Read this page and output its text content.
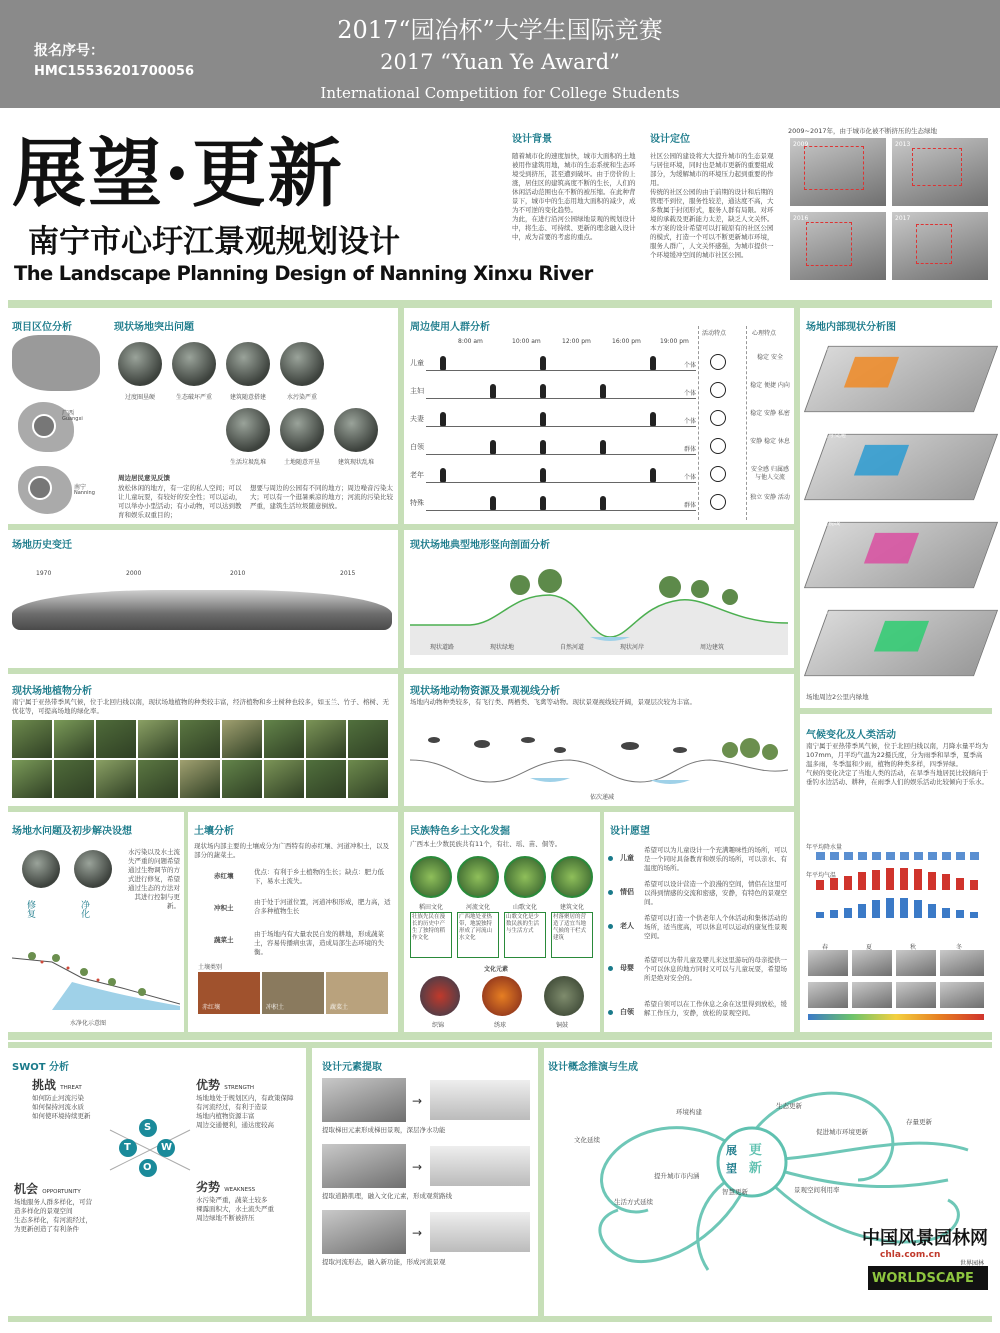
报名序号：
HMC15536201700056
2017“园冶杯”大学生国际竞赛
2017 “Yuan Ye Award”
International Competition for College Students
展望·更新
南宁市心圩江景观规划设计
The Landscape Planning Design of Nanning Xinxu River
设计背景
随着城市化的速度加快，城市大面积的土地被用作建筑用地，城市的生态系统和生态环境受到挤压，甚至遭到破坏。由于房价的上涨，居住区的建筑高度不断的生长，人们的休闲活动范围也在不断的被压缩。在此种背景下，城市中的生态用地大面积的减少，成为不可逆的变化趋势。
为此，在进行沿河公园绿地景观的规划设计中，将生态、可持续、更新的理念融入设计中，成为首要的考虑的重点。
设计定位
社区公园的建设将大大提升城市的生态景观与居住环境，同时也是城市更新的重要组成部分，为缓解城市的环境压力起到重要的作用。
传统的社区公园的由于前期的设计和后期的管理不到位，服务性较差，通达度不高，大多数属于封闭形式，服务人群有局限。对环境的承载及更新能力太差，缺乏人文关怀。本方案的设计希望可以打破原有的社区公园的模式，打造一个可以不断更新城市环境，服务人群广，人文关怀感强，为城市提供一个环境缓冲空间的城市社区公园。
2009~2017年，由于城市化被不断挤压的生态绿地
2009	2013
2016	2017
项目区位分析
广西
Guangxi
南宁
Nanning
现状场地突出问题
过度圈垦硬	生态破坏严重	建筑随意搭建	水污染严重
生活垃圾乱堆	土地随意开垦	建筑现状乱堆
周边居民意见反馈
放松休闲的地方，有一定的私人空间；可以让儿童玩耍，有较好的安全性；可以运动，可以举办小型活动；有小动物，可以达到教育和娱乐双重目的；
想要与周边的公园有不同的地方；周边噪音污染太大；可以有一个逛暑乘凉的地方；河流的污染比较严重，建筑生活垃圾随意倒放。
周边使用人群分析
8:00 am	10:00 am	12:00 pm	16:00 pm	19:00 pm
活动特点	心理特点
儿童	个体
稳定 安全
主妇	个体
稳定 便捷 内向
夫妻	个体
稳定 安静 私密
白领	群体
安静 稳定 休息
老年	个体
安全感 归属感 与他人交流
特殊	群体
独立 安静 活动
场地内部现状分析图
建筑
河流与交通
景观视线
绿地
场地周边2公里内绿地
场地历史变迁
1970	2000	2010	2015
现状场地典型地形竖向剖面分析
现状道路	现状绿地	自然河道	现状河岸	周边建筑
现状场地植物分析
南宁属于亚热带季风气候，位于北回归线以南，现状场地植物的种类较丰富，经济植物和乡土树种也较多，如玉兰、竹子、榕树、无忧花等，可提高场地的绿化率。
现状场地动物资源及景观视线分析
场地内动物种类较多，有飞行类、两栖类、飞禽等动物。现状景观视线较开阔，景观层次较为丰富。
依次递减
气候变化及人类活动
南宁属于亚热带季风气候，位于北回归线以南，月降水量平均为107mm，月平均气温为22摄氏度，分为雨季和旱季，夏季高温多雨，冬季温和少雨，植物的种类多样，四季异绿。
气候的变化决定了当地人类的活动，在旱季当地居民比较倾向于垂钓水边活动、耕种，在雨季人们的娱乐活动比较倾向于乐水。
年平均降水量
年平均气温
春	夏	秋	冬
场地水问题及初步解决设想
修复	净化
水污染以及水土流失严重的问题希望通过生物调节的方式进行修复，希望通过生态的方法对其进行控制与更新。
水净化示意图
土壤分析
现状场内部主要的土壤成分为广西特有的赤红壤、河道冲积土，以及部分的蔬菜土。
赤红壤	优点：有利于乡土植物的生长；缺点：肥力低下，易水土流失。
冲积土
由于处于河道位置，河道冲积形成，肥力高，适合多种植物生长
蔬菜土
由于场地内有大量农民自发的耕地，形成蔬菜土，容易传播病虫害，造成局部生态环境的失衡。
土壤类别
赤红壤	冲积土	蔬菜土
民族特色乡土文化发掘
广西本土少数民族共有11个，有壮、瑶、苗、侗等。
稻田文化
壮族先民在漫长的历史中产生了独特的稻作文化
河流文化
广西地处亚热带，地貌独特形成了河流山水文化
山歌文化
山歌文化是少数民族的生活与生活方式
建筑文化
村落聚居的营造了适宜当地气候的干栏式建筑
文化元素
织锦	绣球	铜鼓
设计愿望
儿童
希望可以为儿童设计一个充满趣味性的场所，可以是一个同时具备教育和娱乐的场所，可以亲水、有温度的场所。
情侣
希望可以设计营造一个浪漫的空间，情侣在这里可以得到情感的交流和密感，安静，有特色的景观空间。
老人
希望可以打造一个供老年人个休活动和集体活动的场所，适当度高，可以休息可以运动的康复性景观空间。
母婴
希望可以为带儿童及婴儿来这里游玩的母亲提供一个可以休息的地方同时又可以与儿童玩耍，希望场所是绝对安全的。
白领
希望自领可以在工作休息之余在这里得到放松，缓解工作压力，安静，放松的景观空间。
SWOT 分析
挑战 THREAT
如何防止河流污染
如何保持河流水质
如何使环境持续更新
优势 STRENGTH
场地地处于规划区内，有政策保障
有河流经过，有利于造景
场地内植物资源丰富
周边交通便利，通达度较高
S
W
T
O
机会 OPPORTUNITY
场地服务人群多样化，可营
造多样化的景观空间
生态多样化，有河流经过，
为更新创造了有利条件
劣势 WEAKNESS
水污染严重，蔬菜土较多
裸露面积大，水土流失严重
周边绿地不断被挤压
设计元素提取
→
提取梯田元素形成梯田景观，深层净水功能
→
提取道路肌理，融入文化元素，形成观赏路线
→
提取河流形态，融入新功能，形成河流景观
设计概念推演与生成
展 更
望 新
环境构建
文化延续
提升城市市内涵
生活方式延续
生态更新
促进城市环境更新
存量更新
智慧更新	景观空间利用率
中国风景园林网
chla.com.cn
WORLDSCAPE
世界园林
